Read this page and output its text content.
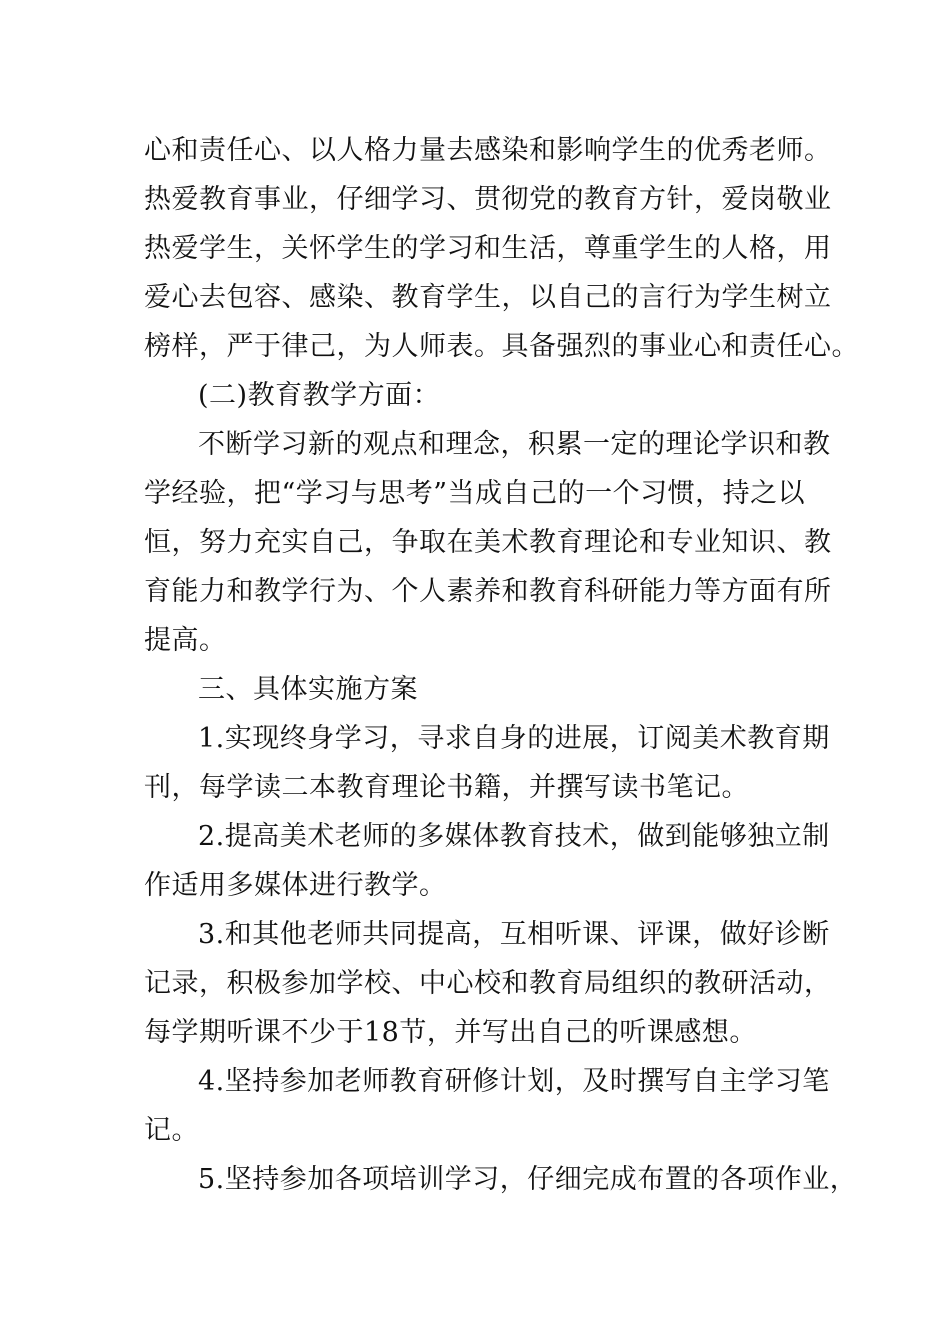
心和责任心、以人格力量去感染和影响学生的优秀老师。
热爱教育事业，仔细学习、贯彻党的教育方针，爱岗敬业
热爱学生，关怀学生的学习和生活，尊重学生的人格，用
爱心去包容、感染、教育学生，以自己的言行为学生树立
榜样，严于律己，为人师表。具备强烈的事业心和责任心。

(二)教育教学方面：

不断学习新的观点和理念，积累一定的理论学识和教
学经验，把“学习与思考”当成自己的一个习惯，持之以
恒，努力充实自己，争取在美术教育理论和专业知识、教
育能力和教学行为、个人素养和教育科研能力等方面有所
提高。

三、具体实施方案

1.实现终身学习，寻求自身的进展，订阅美术教育期
刊，每学读二本教育理论书籍，并撰写读书笔记。

2.提高美术老师的多媒体教育技术，做到能够独立制
作适用多媒体进行教学。

3.和其他老师共同提高，互相听课、评课，做好诊断
记录，积极参加学校、中心校和教育局组织的教研活动，
每学期听课不少于18节，并写出自己的听课感想。

4.坚持参加老师教育研修计划，及时撰写自主学习笔
记。

5.坚持参加各项培训学习，仔细完成布置的各项作业，
